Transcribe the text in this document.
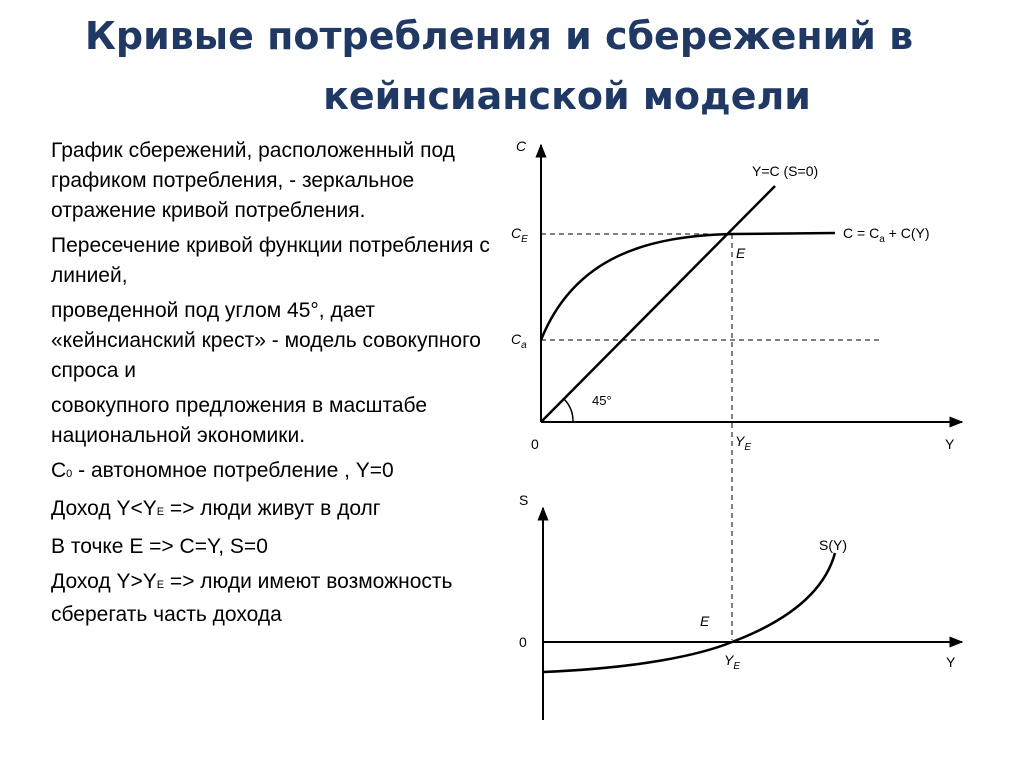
Кривые потребления и сбережений в
кейнсианской модели

График сбережений, расположенный под графиком потребления, - зеркальное отражение кривой потребления.

Пересечение кривой функции потребления с линией,

проведенной под углом 45°, дает «кейнсианский крест» - модель совокупного спроса и

совокупного предложения в масштабе национальной экономики.

C0 - автономное потребление , Y=0

Доход Y<YE => люди живут в долг

В точке E => C=Y, S=0

Доход Y>YE => люди имеют возможность сберегать часть дохода

C
Y
0
$C_E$
$C_a$
Y=C (S=0)
$C = C_a + C(Y)$
E
45°
$Y_E$
S
Y
0
S(Y)
E
$Y_E$
